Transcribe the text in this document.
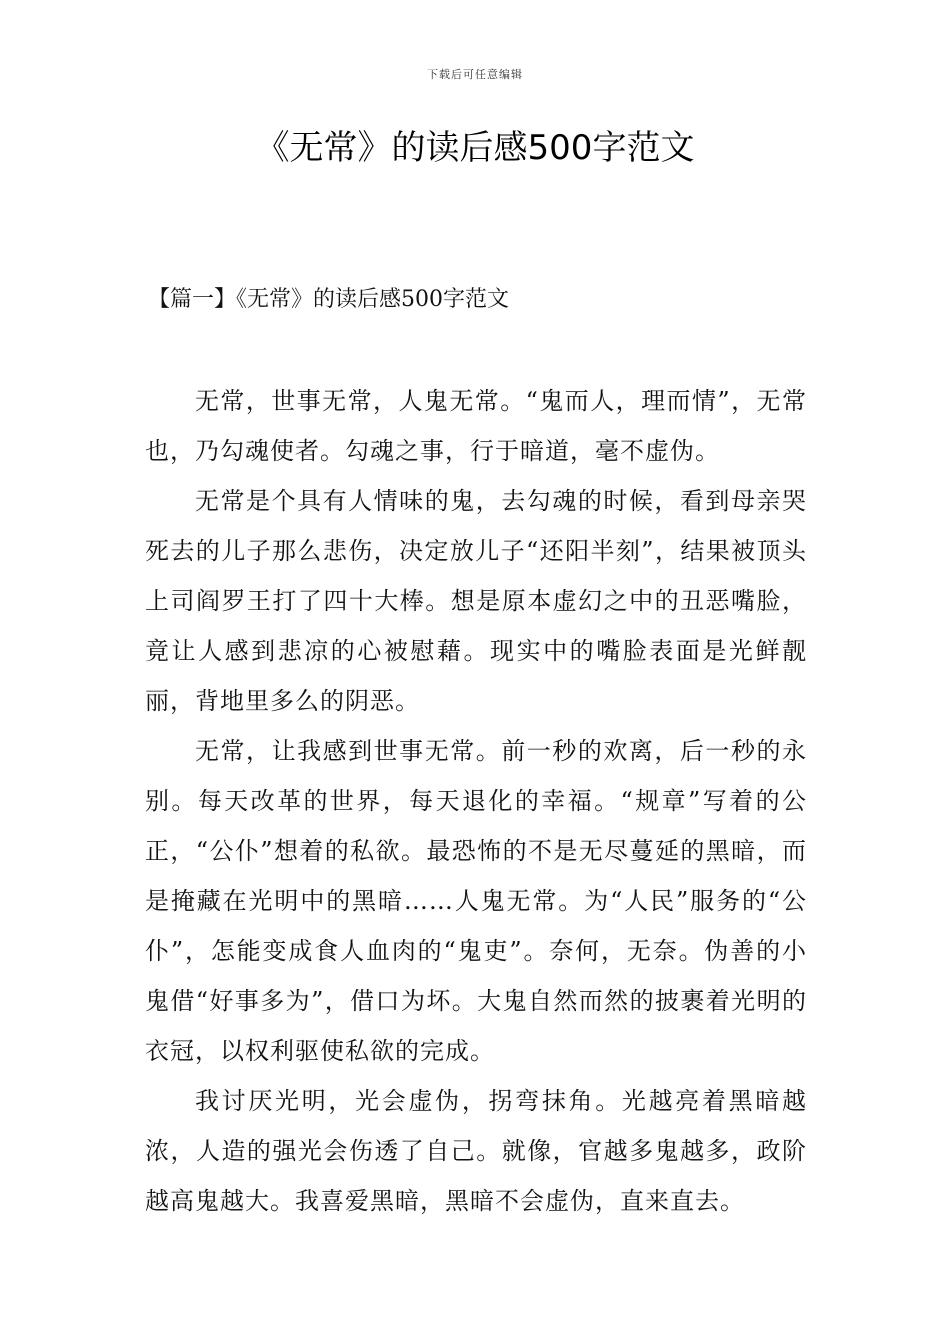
下载后可任意编辑
《无常》的读后感500字范文
【篇一】《无常》的读后感500字范文

无常，世事无常，人鬼无常。“鬼而人，理而情”，无常也，乃勾魂使者。勾魂之事，行于暗道，毫不虚伪。

无常是个具有人情味的鬼，去勾魂的时候，看到母亲哭死去的儿子那么悲伤，决定放儿子“还阳半刻”，结果被顶头上司阎罗王打了四十大棒。想是原本虚幻之中的丑恶嘴脸，竟让人感到悲凉的心被慰藉。现实中的嘴脸表面是光鲜靓丽，背地里多么的阴恶。

无常，让我感到世事无常。前一秒的欢离，后一秒的永别。每天改革的世界，每天退化的幸福。“规章”写着的公正，“公仆”想着的私欲。最恐怖的不是无尽蔓延的黑暗，而是掩藏在光明中的黑暗……人鬼无常。为“人民”服务的“公仆”，怎能变成食人血肉的“鬼吏”。奈何，无奈。伪善的小鬼借“好事多为”，借口为坏。大鬼自然而然的披裹着光明的衣冠，以权利驱使私欲的完成。

我讨厌光明，光会虚伪，拐弯抹角。光越亮着黑暗越浓，人造的强光会伤透了自己。就像，官越多鬼越多，政阶越高鬼越大。我喜爱黑暗，黑暗不会虚伪，直来直去。
